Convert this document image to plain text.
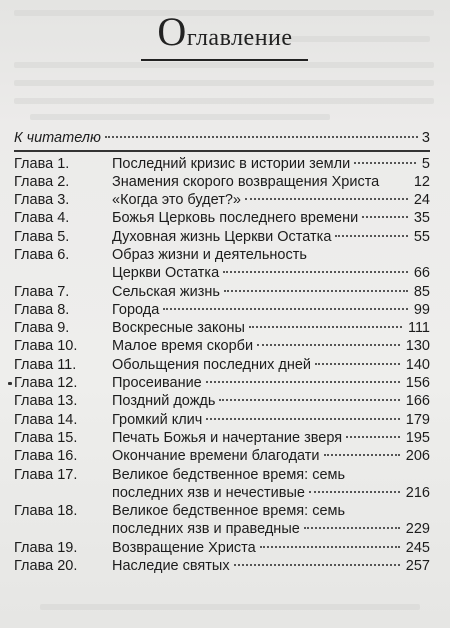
Оглавление
К читателю	3
Глава 1.	Последний кризис в истории земли	5
Глава 2.	Знамения скорого возвращения Христа 12
Глава 3.	«Когда это будет?»	24
Глава 4.	Божья Церковь последнего времени	35
Глава 5.	Духовная жизнь Церкви Остатка	55
Глава 6.	Образ жизни и деятельность
Церкви Остатка	66
Глава 7.	Сельская жизнь	85
Глава 8.	Города	99
Глава 9.	Воскресные законы	111
Глава 10.	Малое время скорби	130
Глава 11.	Обольщения последних дней	140
Глава 12.	Просеивание	156
Глава 13.	Поздний дождь	166
Глава 14.	Громкий клич	179
Глава 15.	Печать Божья и начертание зверя	195
Глава 16.	Окончание времени благодати	206
Глава 17.	Великое бедственное время: семь
последних язв и нечестивые	216
Глава 18.	Великое бедственное время: семь
последних язв и праведные	229
Глава 19.	Возвращение Христа	245
Глава 20.	Наследие святых	257
